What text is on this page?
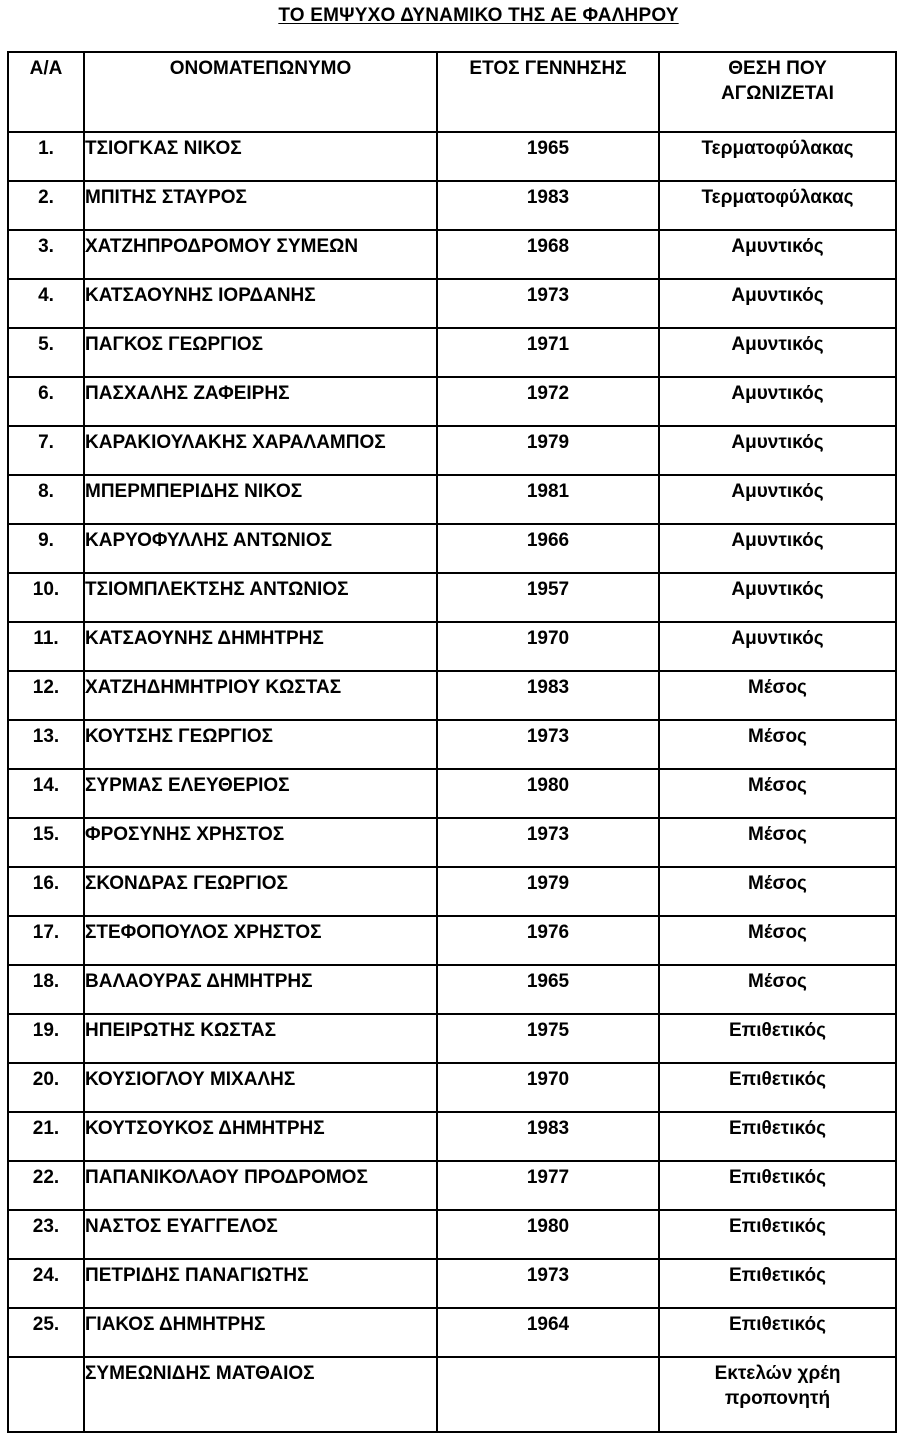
ΤΟ ΕΜΨΥΧΟ ΔΥΝΑΜΙΚΟ ΤΗΣ ΑΕ ΦΑΛΗΡΟΥ
Α/Α	ΟΝΟΜΑΤΕΠΩΝΥΜΟ	ΕΤΟΣ ΓΕΝΝΗΣΗΣ	ΘΕΣΗ ΠΟΥ ΑΓΩΝΙΖΕΤΑΙ
1.	ΤΣΙΟΓΚΑΣ ΝΙΚΟΣ	1965	Τερματοφύλακας
2.	ΜΠΙΤΗΣ ΣΤΑΥΡΟΣ	1983	Τερματοφύλακας
3.	ΧΑΤΖΗΠΡΟΔΡΟΜΟΥ ΣΥΜΕΩΝ	1968	Αμυντικός
4.	ΚΑΤΣΑΟΥΝΗΣ ΙΟΡΔΑΝΗΣ	1973	Αμυντικός
5.	ΠΑΓΚΟΣ ΓΕΩΡΓΙΟΣ	1971	Αμυντικός
6.	ΠΑΣΧΑΛΗΣ ΖΑΦΕΙΡΗΣ	1972	Αμυντικός
7.	ΚΑΡΑΚΙΟΥΛΑΚΗΣ ΧΑΡΑΛΑΜΠΟΣ	1979	Αμυντικός
8.	ΜΠΕΡΜΠΕΡΙΔΗΣ ΝΙΚΟΣ	1981	Αμυντικός
9.	ΚΑΡΥΟΦΥΛΛΗΣ ΑΝΤΩΝΙΟΣ	1966	Αμυντικός
10.	ΤΣΙΟΜΠΛΕΚΤΣΗΣ ΑΝΤΩΝΙΟΣ	1957	Αμυντικός
11.	ΚΑΤΣΑΟΥΝΗΣ ΔΗΜΗΤΡΗΣ	1970	Αμυντικός
12.	ΧΑΤΖΗΔΗΜΗΤΡΙΟΥ ΚΩΣΤΑΣ	1983	Μέσος
13.	ΚΟΥΤΣΗΣ ΓΕΩΡΓΙΟΣ	1973	Μέσος
14.	ΣΥΡΜΑΣ ΕΛΕΥΘΕΡΙΟΣ	1980	Μέσος
15.	ΦΡΟΣΥΝΗΣ ΧΡΗΣΤΟΣ	1973	Μέσος
16.	ΣΚΟΝΔΡΑΣ ΓΕΩΡΓΙΟΣ	1979	Μέσος
17.	ΣΤΕΦΟΠΟΥΛΟΣ ΧΡΗΣΤΟΣ	1976	Μέσος
18.	ΒΑΛΑΟΥΡΑΣ ΔΗΜΗΤΡΗΣ	1965	Μέσος
19.	ΗΠΕΙΡΩΤΗΣ ΚΩΣΤΑΣ	1975	Επιθετικός
20.	ΚΟΥΣΙΟΓΛΟΥ ΜΙΧΑΛΗΣ	1970	Επιθετικός
21.	ΚΟΥΤΣΟΥΚΟΣ ΔΗΜΗΤΡΗΣ	1983	Επιθετικός
22.	ΠΑΠΑΝΙΚΟΛΑΟΥ ΠΡΟΔΡΟΜΟΣ	1977	Επιθετικός
23.	ΝΑΣΤΟΣ ΕΥΑΓΓΕΛΟΣ	1980	Επιθετικός
24.	ΠΕΤΡΙΔΗΣ ΠΑΝΑΓΙΩΤΗΣ	1973	Επιθετικός
25.	ΓΙΑΚΟΣ ΔΗΜΗΤΡΗΣ	1964	Επιθετικός
	ΣΥΜΕΩΝΙΔΗΣ ΜΑΤΘΑΙΟΣ		Εκτελών χρέη προπονητή
